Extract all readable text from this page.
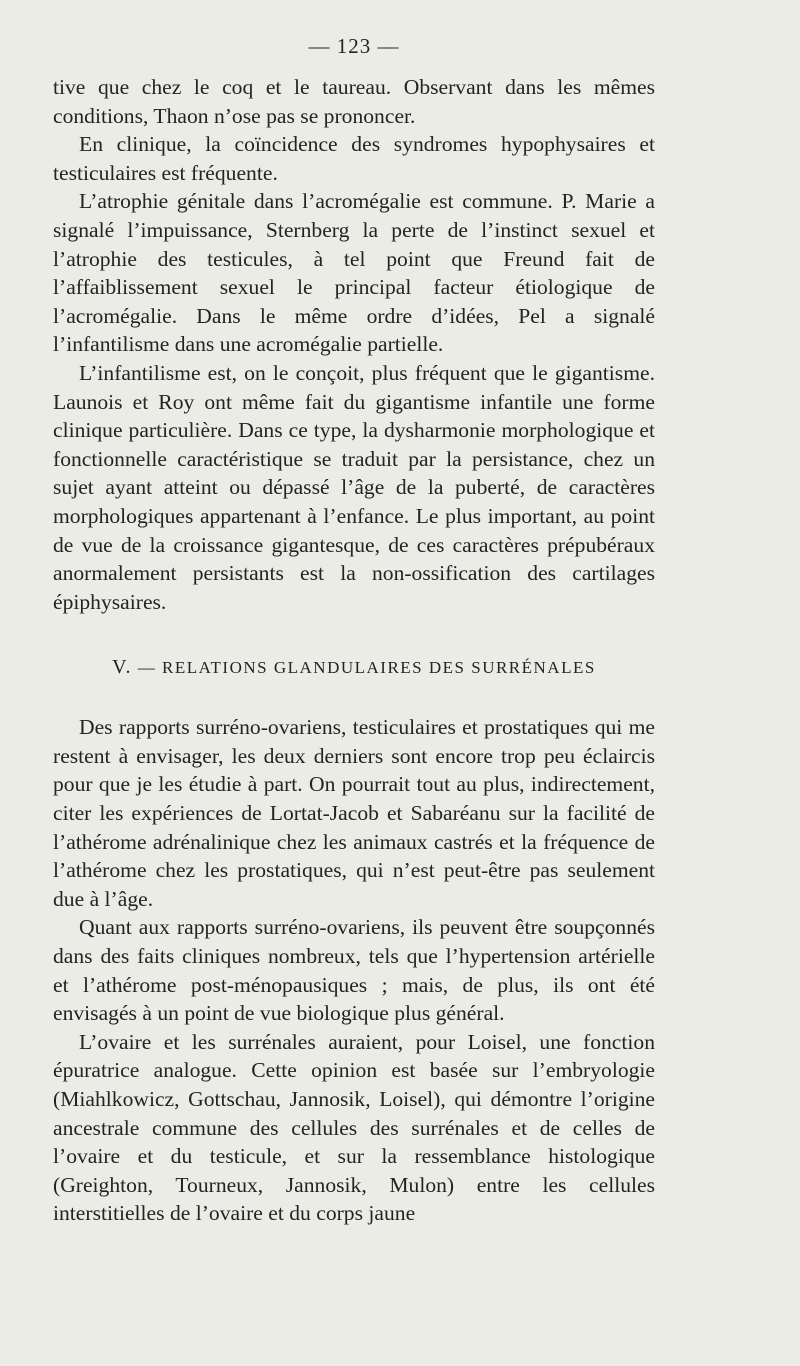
— 123 —

tive que chez le coq et le taureau. Observant dans les mêmes conditions, Thaon n’ose pas se prononcer.

En clinique, la coïncidence des syndromes hypophysaires et testiculaires est fréquente.

L’atrophie génitale dans l’acromégalie est commune. P. Marie a signalé l’impuissance, Sternberg la perte de l’instinct sexuel et l’atrophie des testicules, à tel point que Freund fait de l’affaiblissement sexuel le principal facteur étiologique de l’acromégalie. Dans le même ordre d’idées, Pel a signalé l’infantilisme dans une acromégalie partielle.

L’infantilisme est, on le conçoit, plus fréquent que le gigantisme. Launois et Roy ont même fait du gigantisme infantile une forme clinique particulière. Dans ce type, la dysharmonie morphologique et fonctionnelle caractéristique se traduit par la persistance, chez un sujet ayant atteint ou dépassé l’âge de la puberté, de caractères morphologiques appartenant à l’enfance. Le plus important, au point de vue de la croissance gigantesque, de ces caractères prépubéraux anormalement persistants est la non-ossification des cartilages épiphysaires.

V. — RELATIONS GLANDULAIRES DES SURRÉNALES

Des rapports surréno-ovariens, testiculaires et prostatiques qui me restent à envisager, les deux derniers sont encore trop peu éclaircis pour que je les étudie à part. On pourrait tout au plus, indirectement, citer les expériences de Lortat-Jacob et Sabaréanu sur la facilité de l’athérome adrénalinique chez les animaux castrés et la fréquence de l’athérome chez les prostatiques, qui n’est peut-être pas seulement due à l’âge.

Quant aux rapports surréno-ovariens, ils peuvent être soupçonnés dans des faits cliniques nombreux, tels que l’hypertension artérielle et l’athérome post-ménopausiques ; mais, de plus, ils ont été envisagés à un point de vue biologique plus général.

L’ovaire et les surrénales auraient, pour Loisel, une fonction épuratrice analogue. Cette opinion est basée sur l’embryologie (Miahlkowicz, Gottschau, Jannosik, Loisel), qui démontre l’origine ancestrale commune des cellules des surrénales et de celles de l’ovaire et du testicule, et sur la ressemblance histologique (Greighton, Tourneux, Jannosik, Mulon) entre les cellules interstitielles de l’ovaire et du corps jaune
